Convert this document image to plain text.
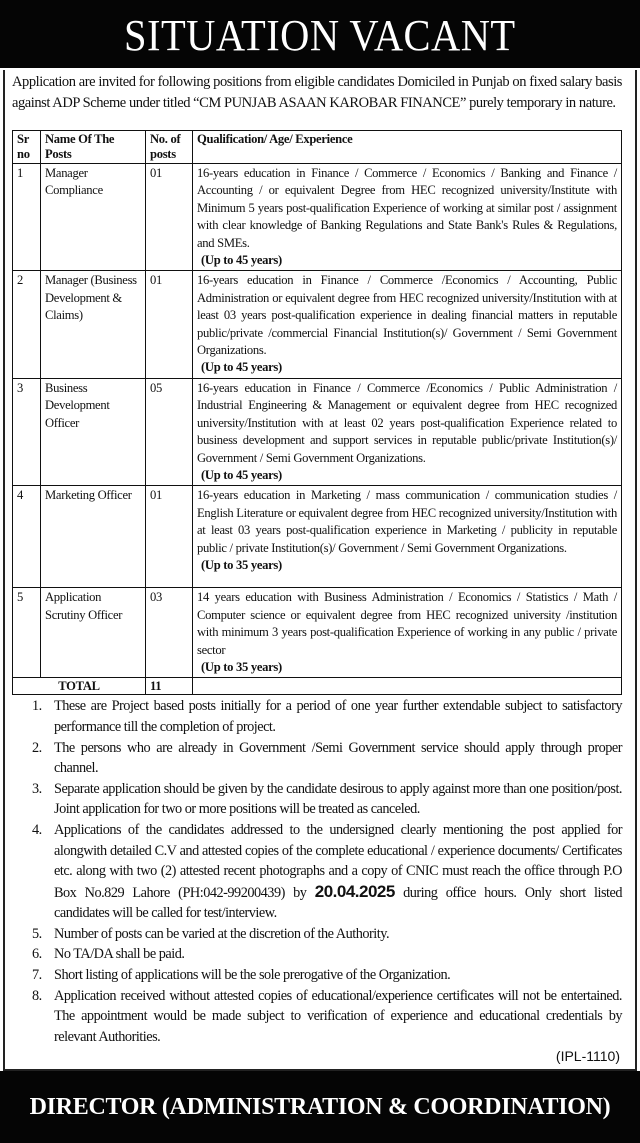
SITUATION VACANT

Application are invited for following positions from eligible candidates Domiciled in Punjab on fixed salary basis against ADP Scheme under titled “CM PUNJAB ASAAN KAROBAR FINANCE” purely temporary in nature.

Sr no	Name Of The Posts	No. of posts	Qualification/ Age/ Experience
1	Manager Compliance	01	16-years education in Finance / Commerce / Economics / Banking and Finance / Accounting / or equivalent Degree from HEC recognized university/Institute with Minimum 5 years post-qualification Experience of working at similar post / assignment with clear knowledge of Banking Regulations and State Bank's Rules & Regulations, and SMEs.
(Up to 45 years)

2	Manager (Business Development & Claims)	01	16-years education in Finance / Commerce /Economics / Accounting, Public Administration or equivalent degree from HEC recognized university/Institution with at least 03 years post-qualification experience in dealing financial matters in reputable public/private /commercial Financial Institution(s)/ Government / Semi Government Organizations.
(Up to 45 years)

3	Business Development Officer	05	16-years education in Finance / Commerce /Economics / Public Administration / Industrial Engineering & Management or equivalent degree from HEC recognized university/Institution with at least 02 years post-qualification Experience related to business development and support services in reputable public/private Institution(s)/ Government / Semi Government Organizations.
(Up to 45 years)

4	Marketing Officer	01	16-years education in Marketing / mass communication / communication studies / English Literature or equivalent degree from HEC recognized university/Institution with at least 03 years post-qualification experience in Marketing / publicity in reputable public / private Institution(s)/ Government / Semi Government Organizations.
(Up to 35 years)

5	Application Scrutiny Officer	03	14 years education with Business Administration / Economics / Statistics / Math / Computer science or equivalent degree from HEC recognized university /institution with minimum 3 years post-qualification Experience of working in any public / private sector
(Up to 35 years)

TOTAL		11	
1. These are Project based posts initially for a period of one year further extendable subject to satisfactory performance till the completion of project.
2. The persons who are already in Government /Semi Government service should apply through proper channel.
3. Separate application should be given by the candidate desirous to apply against more than one position/post. Joint application for two or more positions will be treated as canceled.
4. Applications of the candidates addressed to the undersigned clearly mentioning the post applied for alongwith detailed C.V and attested copies of the complete educational / experience documents/ Certificates etc. along with two (2) attested recent photographs and a copy of CNIC must reach the office through P.O Box No.829 Lahore (PH:042-99200439) by 20.04.2025 during office hours. Only short listed candidates will be called for test/interview.
5. Number of posts can be varied at the discretion of the Authority.
6. No TA/DA shall be paid.
7. Short listing of applications will be the sole prerogative of the Organization.
8. Application received without attested copies of educational/experience certificates will not be entertained. The appointment would be made subject to verification of experience and educational credentials by relevant Authorities.
(IPL-1110)
DIRECTOR (ADMINISTRATION & COORDINATION)
